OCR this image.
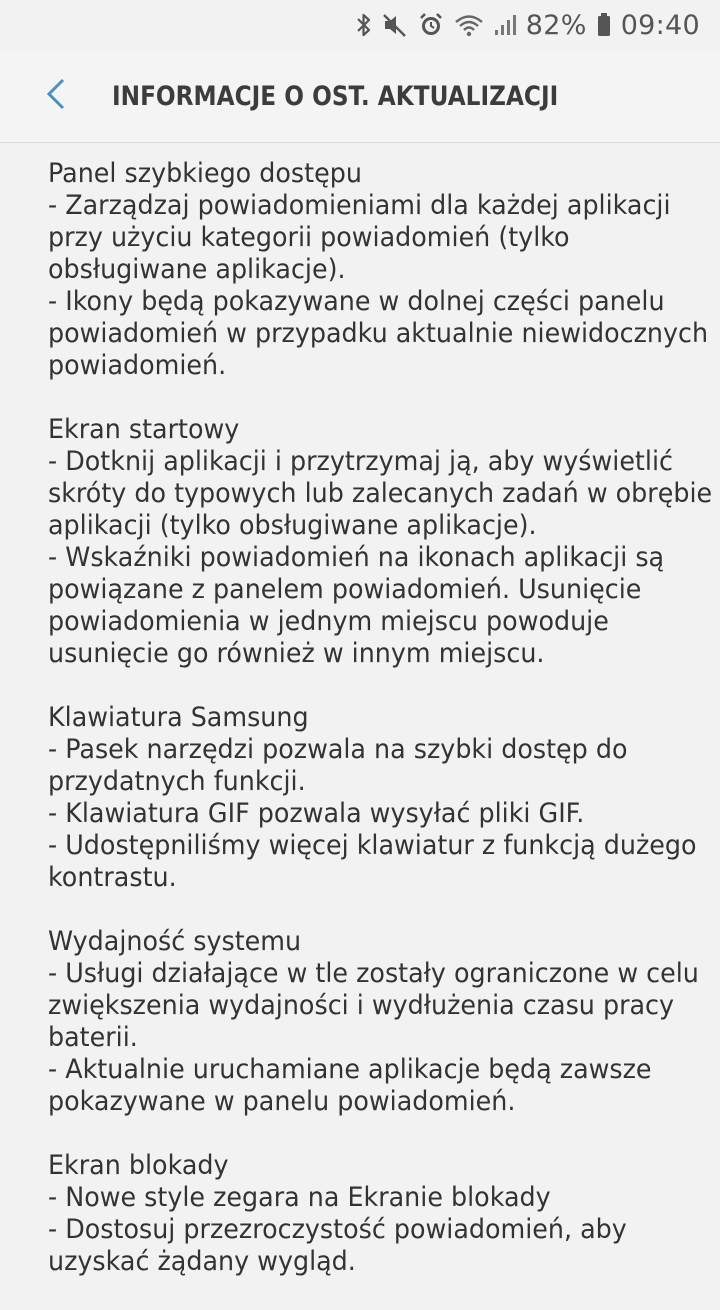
82% 09:40
INFORMACJE O OST. AKTUALIZACJI
Panel szybkiego dostępu
- Zarządzaj powiadomieniami dla każdej aplikacji
przy użyciu kategorii powiadomień (tylko
obsługiwane aplikacje).
- Ikony będą pokazywane w dolnej części panelu
powiadomień w przypadku aktualnie niewidocznych
powiadomień.
Ekran startowy
- Dotknij aplikacji i przytrzymaj ją, aby wyświetlić
skróty do typowych lub zalecanych zadań w obrębie
aplikacji (tylko obsługiwane aplikacje).
- Wskaźniki powiadomień na ikonach aplikacji są
powiązane z panelem powiadomień. Usunięcie
powiadomienia w jednym miejscu powoduje
usunięcie go również w innym miejscu.
Klawiatura Samsung
- Pasek narzędzi pozwala na szybki dostęp do
przydatnych funkcji.
- Klawiatura GIF pozwala wysyłać pliki GIF.
- Udostępniliśmy więcej klawiatur z funkcją dużego
kontrastu.
Wydajność systemu
- Usługi działające w tle zostały ograniczone w celu
zwiększenia wydajności i wydłużenia czasu pracy
baterii.
- Aktualnie uruchamiane aplikacje będą zawsze
pokazywane w panelu powiadomień.
Ekran blokady
- Nowe style zegara na Ekranie blokady
- Dostosuj przezroczystość powiadomień, aby
uzyskać żądany wygląd.
